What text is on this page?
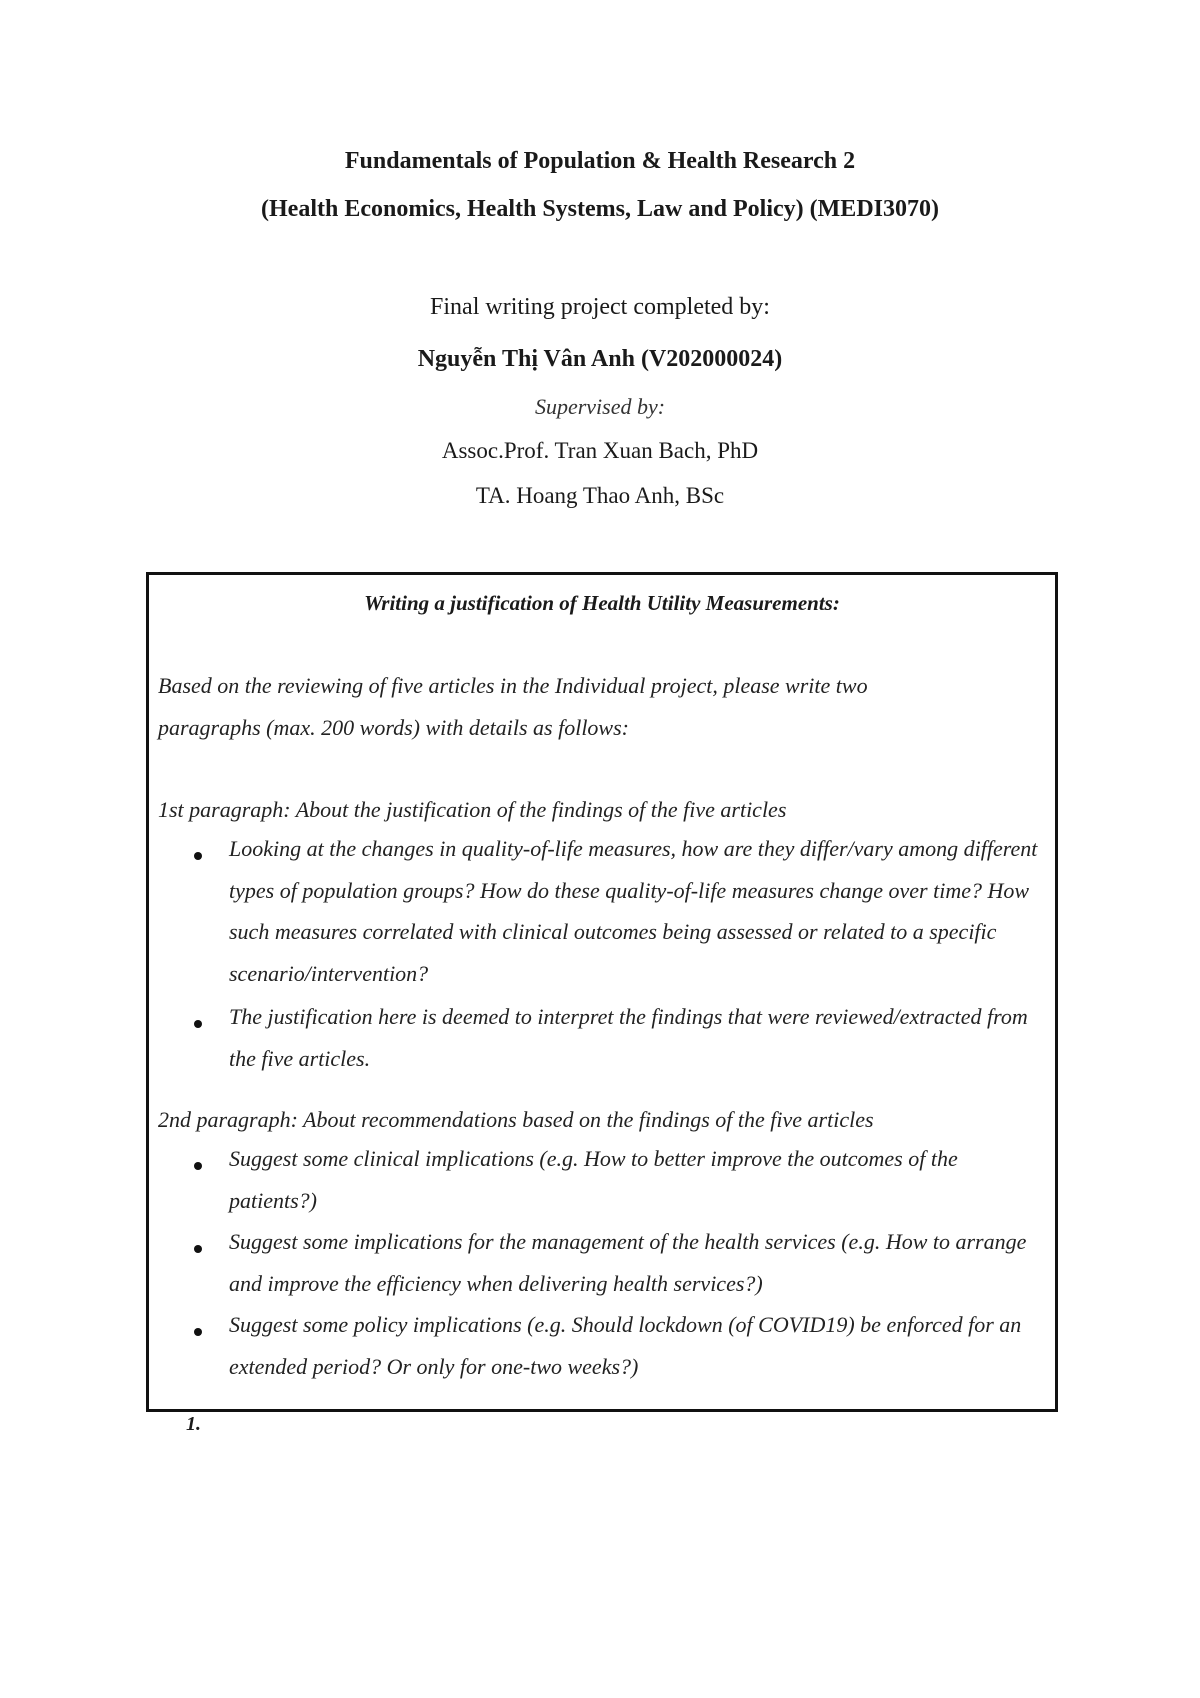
Fundamentals of Population & Health Research 2
(Health Economics, Health Systems, Law and Policy) (MEDI3070)
Final writing project completed by:
Nguyễn Thị Vân Anh (V202000024)
Supervised by:
Assoc.Prof. Tran Xuan Bach, PhD
TA. Hoang Thao Anh, BSc
Writing a justification of Health Utility Measurements:
Based on the reviewing of five articles in the Individual project, please write two
paragraphs (max. 200 words) with details as follows:
1st paragraph: About the justification of the findings of the five articles
Looking at the changes in quality-of-life measures, how are they differ/vary among different types of population groups? How do these quality-of-life measures change over time? How such measures correlated with clinical outcomes being assessed or related to a specific scenario/intervention?
The justification here is deemed to interpret the findings that were reviewed/extracted from the five articles.
2nd paragraph: About recommendations based on the findings of the five articles
Suggest some clinical implications (e.g. How to better improve the outcomes of the patients?)
Suggest some implications for the management of the health services (e.g. How to arrange and improve the efficiency when delivering health services?)
Suggest some policy implications (e.g. Should lockdown (of COVID19) be enforced for an extended period? Or only for one-two weeks?)
1.
